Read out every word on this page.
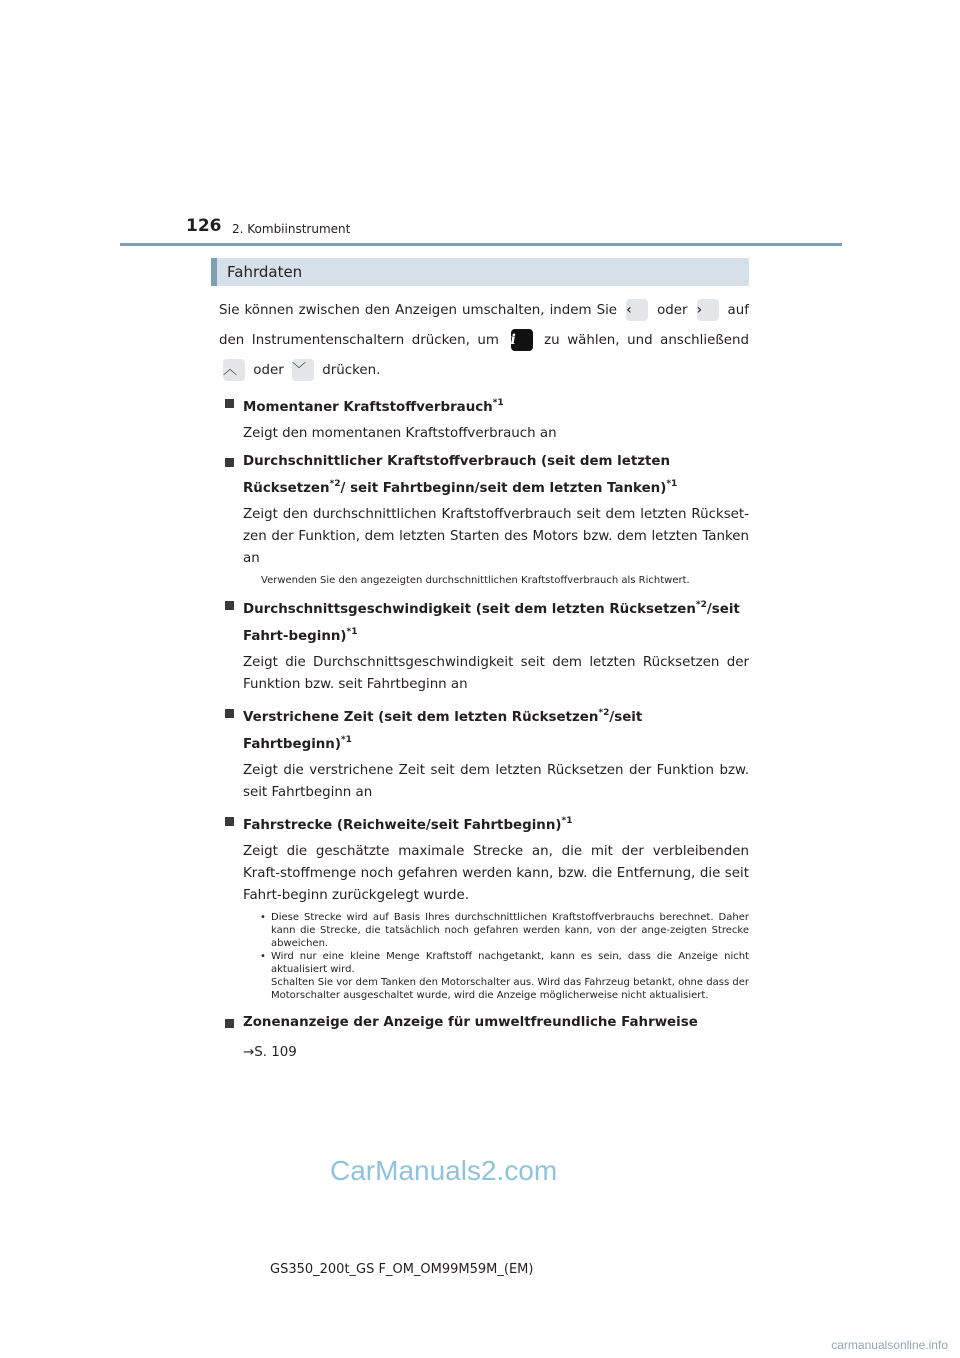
126 2. Kombiinstrument
Fahrdaten

Sie können zwischen den Anzeigen umschalten, indem Sie ‹ oder › auf den Instrumentenschaltern drücken, um i zu wählen, und anschließend ︿ oder ﹀ drücken.

Momentaner Kraftstoffverbrauch$^{*1}$

Zeigt den momentanen Kraftstoffverbrauch an

Durchschnittlicher Kraftstoffverbrauch (seit dem letzten Rücksetzen$^{*2}$/ seit Fahrtbeginn/seit dem letzten Tanken)$^{*1}$

Zeigt den durchschnittlichen Kraftstoffverbrauch seit dem letzten Rückset-zen der Funktion, dem letzten Starten des Motors bzw. dem letzten Tanken an

Verwenden Sie den angezeigten durchschnittlichen Kraftstoffverbrauch als Richtwert.

Durchschnittsgeschwindigkeit (seit dem letzten Rücksetzen$^{*2}$/seit Fahrt-beginn)$^{*1}$

Zeigt die Durchschnittsgeschwindigkeit seit dem letzten Rücksetzen der Funktion bzw. seit Fahrtbeginn an

Verstrichene Zeit (seit dem letzten Rücksetzen$^{*2}$/seit Fahrtbeginn)$^{*1}$

Zeigt die verstrichene Zeit seit dem letzten Rücksetzen der Funktion bzw. seit Fahrtbeginn an

Fahrstrecke (Reichweite/seit Fahrtbeginn)$^{*1}$

Zeigt die geschätzte maximale Strecke an, die mit der verbleibenden Kraft-stoffmenge noch gefahren werden kann, bzw. die Entfernung, die seit Fahrt-beginn zurückgelegt wurde.

• Diese Strecke wird auf Basis Ihres durchschnittlichen Kraftstoffverbrauchs berechnet. Daher kann die Strecke, die tatsächlich noch gefahren werden kann, von der ange-zeigten Strecke abweichen.

• Wird nur eine kleine Menge Kraftstoff nachgetankt, kann es sein, dass die Anzeige nicht aktualisiert wird.

Schalten Sie vor dem Tanken den Motorschalter aus. Wird das Fahrzeug betankt, ohne dass der Motorschalter ausgeschaltet wurde, wird die Anzeige möglicherweise nicht aktualisiert.

Zonenanzeige der Anzeige für umweltfreundliche Fahrweise

→S. 109

CarManuals2.com
GS350_200t_GS F_OM_OM99M59M_(EM)
carmanualsonline.info
